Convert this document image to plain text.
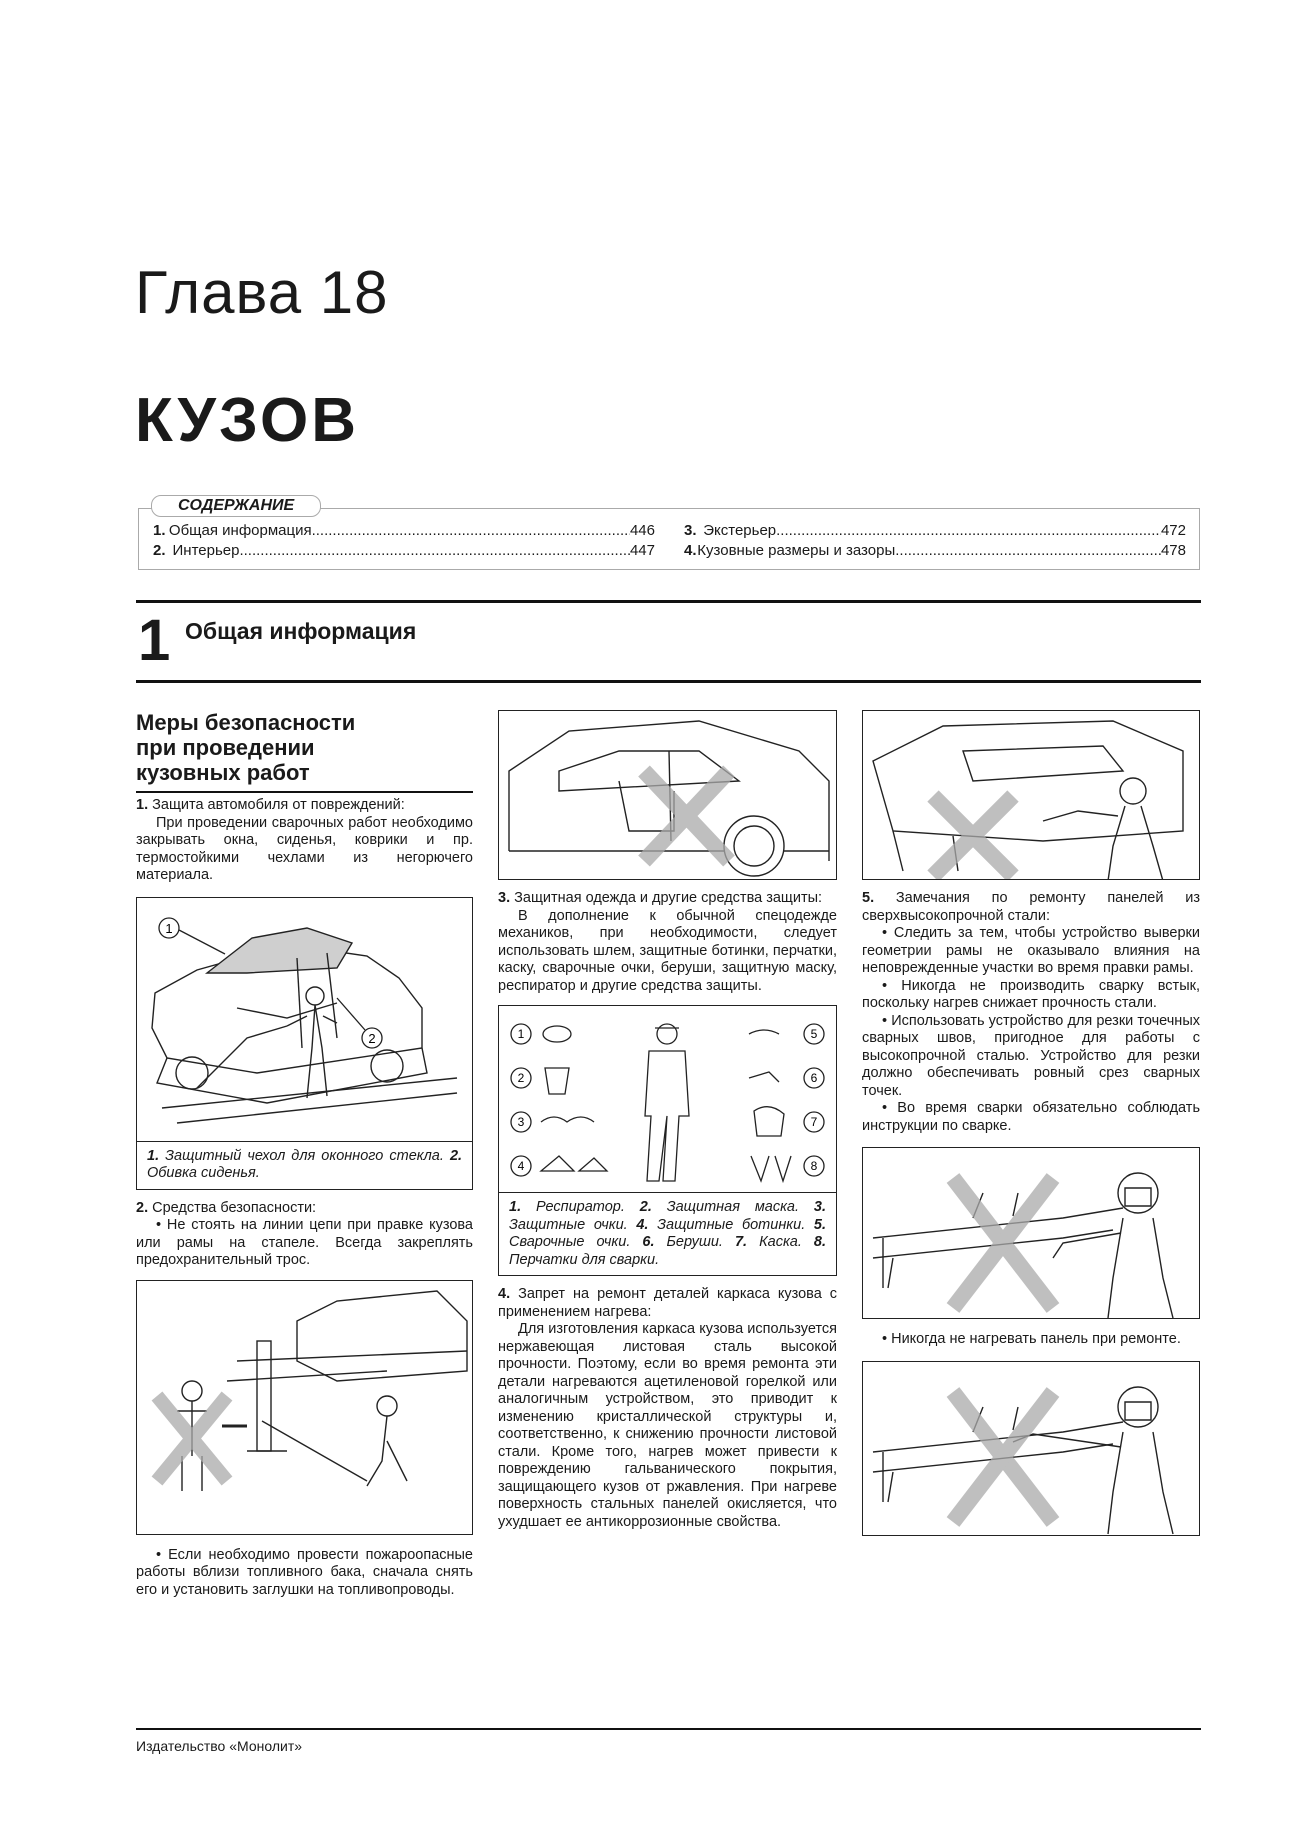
Глава 18
КУЗОВ
СОДЕРЖАНИЕ
1. Общая информация .....	446
2. Интерьер .....	447
3. Экстерьер .....	472
4. Кузовные размеры и зазоры .....	478
1 Общая информация
Меры безопасности
при проведении
кузовных работ

1. Защита автомобиля от повреждений:

При проведении сварочных работ необходимо закрывать окна, сиденья, коврики и пр. термостойкими чехлами из негорючего материала.

1
2
1. Защитный чехол для оконного стекла. 2. Обивка сиденья.

2. Средства безопасности:

• Не стоять на линии цепи при правке кузова или рамы на стапеле. Всегда закреплять предохранительный трос.

• Если необходимо провести пожароопасные работы вблизи топливного бака, сначала снять его и установить заглушки на топливопроводы.

3. Защитная одежда и другие средства защиты:

В дополнение к обычной спецодежде механиков, при необходимости, следует использовать шлем, защитные ботинки, перчатки, каску, сварочные очки, беруши, защитную маску, респиратор и другие средства защиты.

1
2
3
4
5
6
7
8
1. Респиратор. 2. Защитная маска. 3. Защитные очки. 4. Защитные ботинки. 5. Сварочные очки. 6. Беруши. 7. Каска. 8. Перчатки для сварки.

4. Запрет на ремонт деталей каркаса кузова с применением нагрева:

Для изготовления каркаса кузова используется нержавеющая листовая сталь высокой прочности. Поэтому, если во время ремонта эти детали нагреваются ацетиленовой горелкой или аналогичным устройством, это приводит к изменению кристаллической структуры и, соответственно, к снижению прочности листовой стали. Кроме того, нагрев может привести к повреждению гальванического покрытия, защищающего кузов от ржавления. При нагреве поверхность стальных панелей окисляется, что ухудшает ее антикоррозионные свойства.

5. Замечания по ремонту панелей из сверхвысокопрочной стали:

• Следить за тем, чтобы устройство выверки геометрии рамы не оказывало влияния на неповрежденные участки во время правки рамы.

• Никогда не производить сварку встык, поскольку нагрев снижает прочность стали.

• Использовать устройство для резки точечных сварных швов, пригодное для работы с высокопрочной сталью. Устройство для резки должно обеспечивать ровный срез сварных точек.

• Во время сварки обязательно соблюдать инструкции по сварке.

• Никогда не нагревать панель при ремонте.

Издательство «Монолит»
